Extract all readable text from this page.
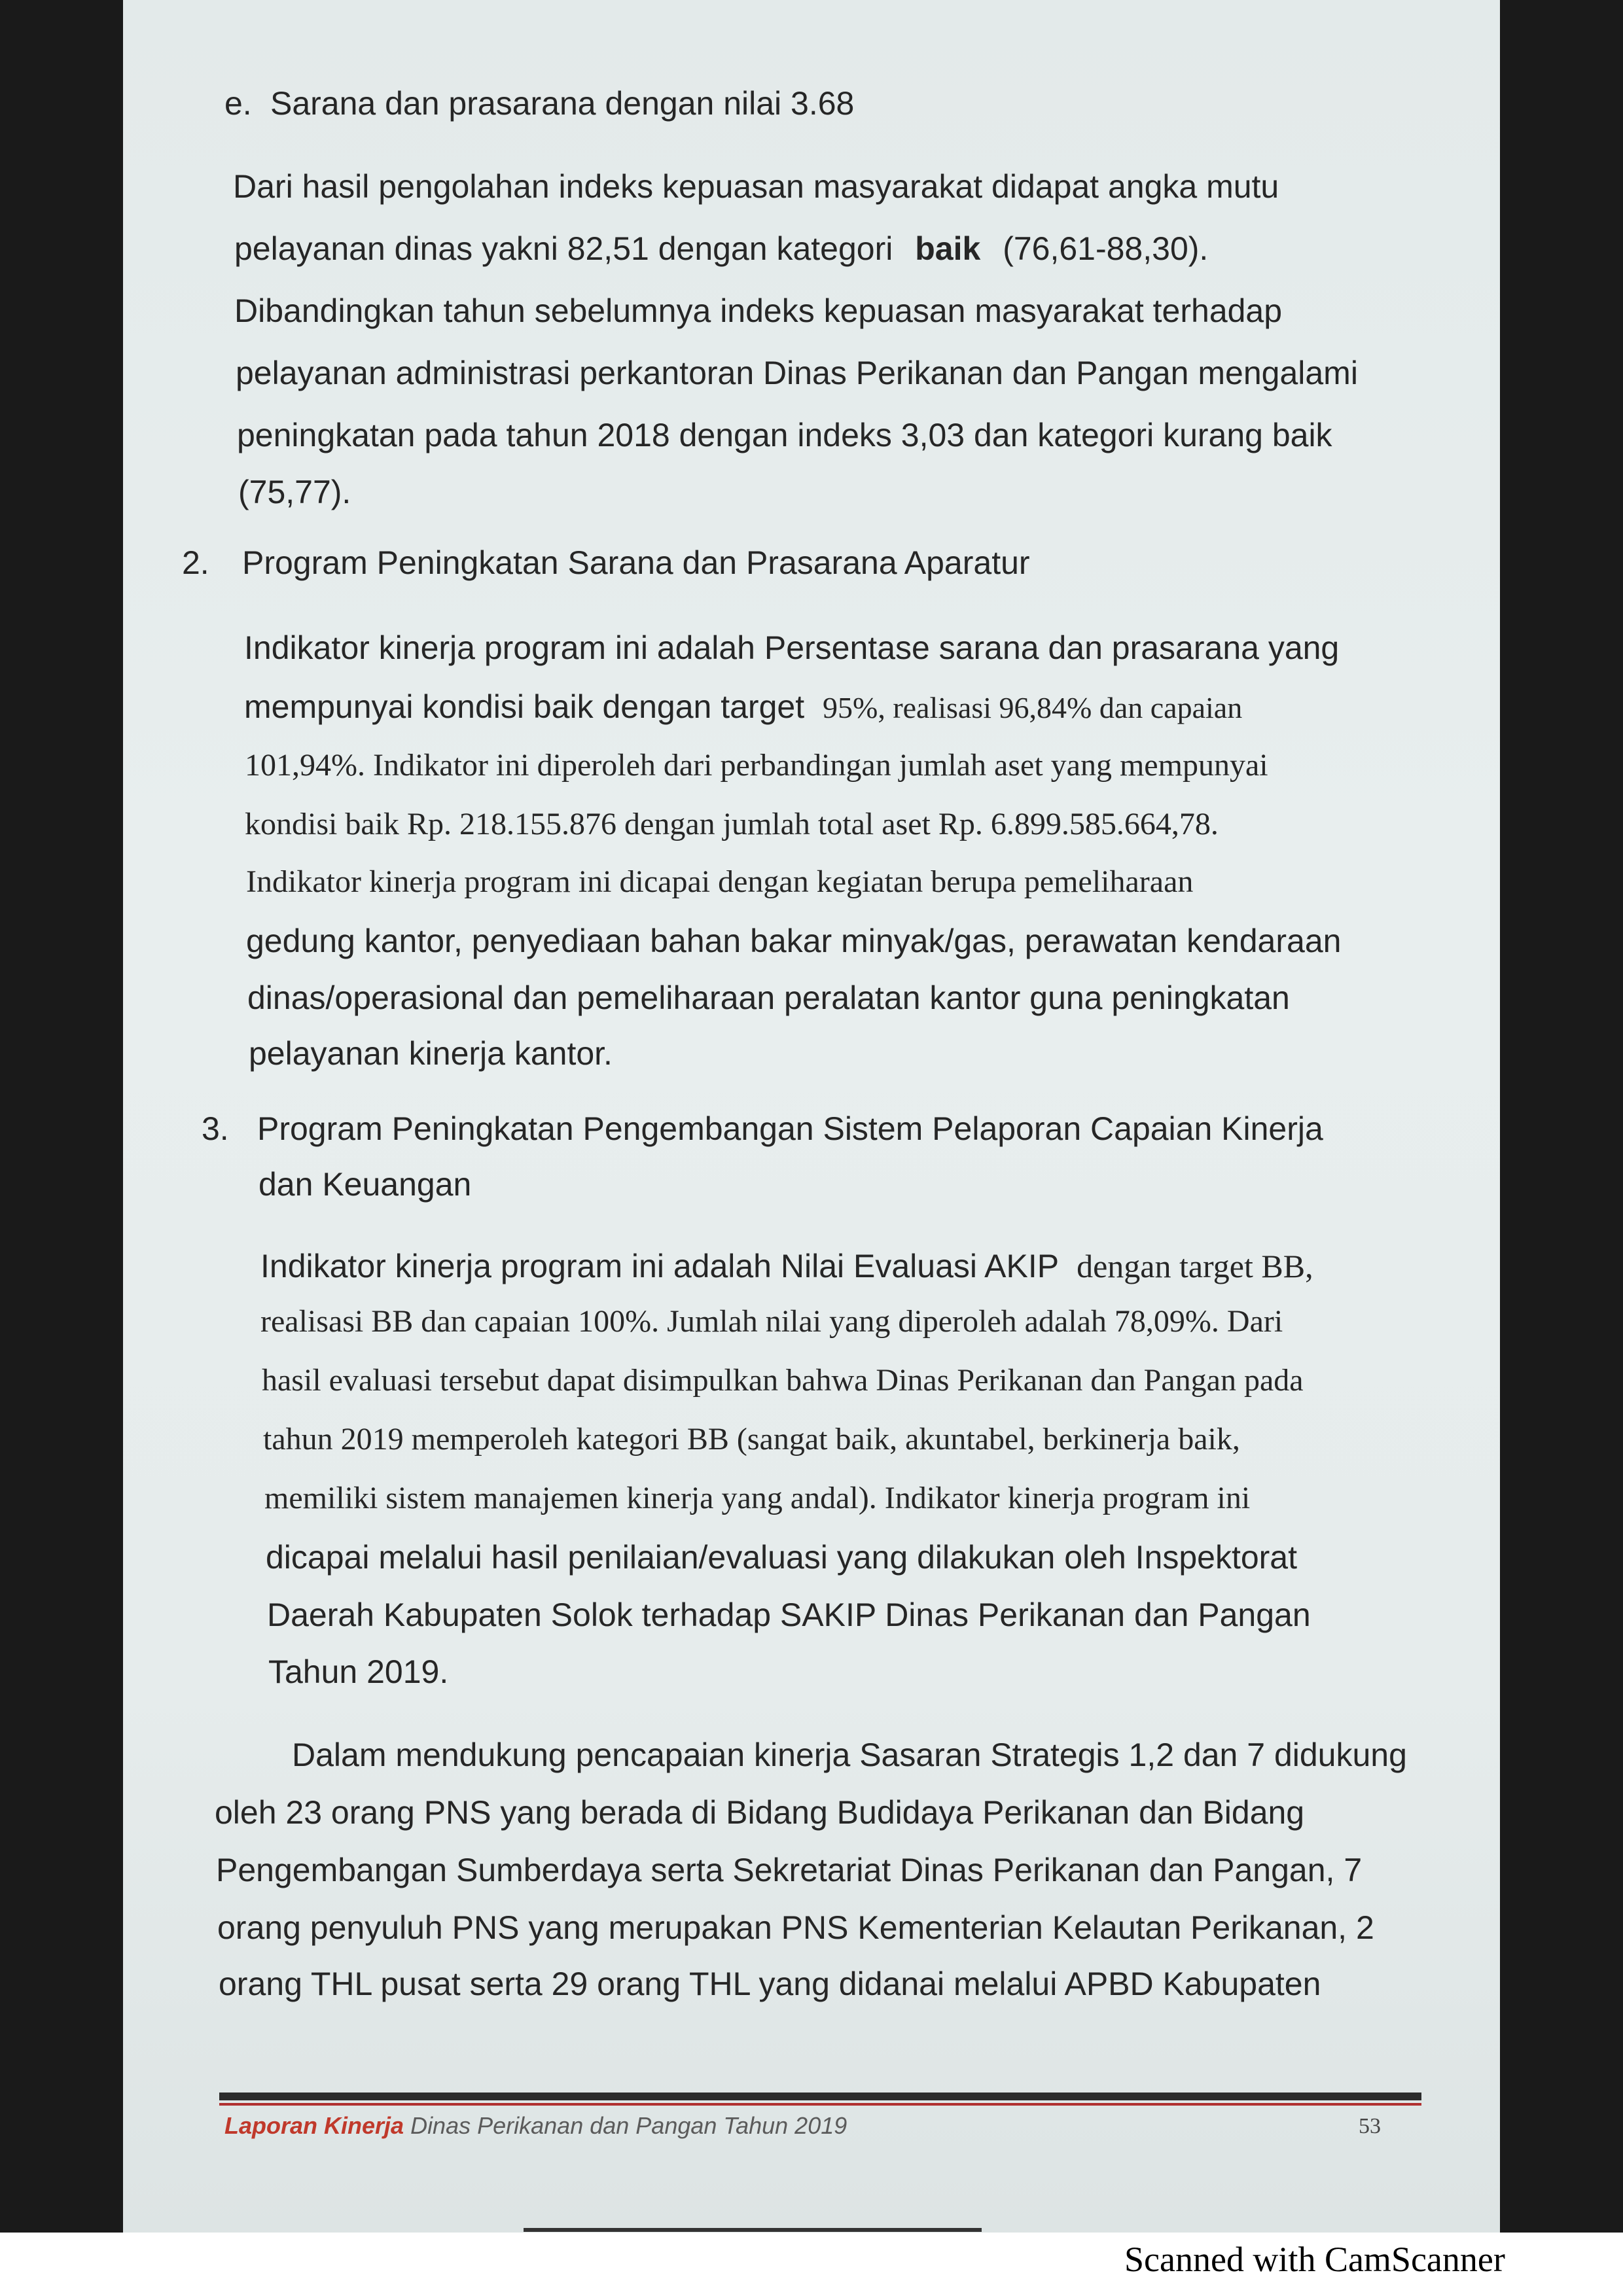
e. Sarana dan prasarana dengan nilai 3.68
Dari hasil pengolahan indeks kepuasan masyarakat didapat angka mutu
pelayanan dinas yakni 82,51 dengan kategori baik (76,61-88,30).
Dibandingkan tahun sebelumnya indeks kepuasan masyarakat terhadap
pelayanan administrasi perkantoran Dinas Perikanan dan Pangan mengalami
peningkatan pada tahun 2018 dengan indeks 3,03 dan kategori kurang baik
(75,77).
2. Program Peningkatan Sarana dan Prasarana Aparatur
Indikator kinerja program ini adalah Persentase sarana dan prasarana yang
mempunyai kondisi baik dengan target 95%, realisasi 96,84% dan capaian
101,94%. Indikator ini diperoleh dari perbandingan jumlah aset yang mempunyai
kondisi baik Rp. 218.155.876 dengan jumlah total aset Rp. 6.899.585.664,78.
Indikator kinerja program ini dicapai dengan kegiatan berupa pemeliharaan
gedung kantor, penyediaan bahan bakar minyak/gas, perawatan kendaraan
dinas/operasional dan pemeliharaan peralatan kantor guna peningkatan
pelayanan kinerja kantor.
3. Program Peningkatan Pengembangan Sistem Pelaporan Capaian Kinerja
dan Keuangan
Indikator kinerja program ini adalah Nilai Evaluasi AKIP dengan target BB,
realisasi BB dan capaian 100%. Jumlah nilai yang diperoleh adalah 78,09%. Dari
hasil evaluasi tersebut dapat disimpulkan bahwa Dinas Perikanan dan Pangan pada
tahun 2019 memperoleh kategori BB (sangat baik, akuntabel, berkinerja baik,
memiliki sistem manajemen kinerja yang andal). Indikator kinerja program ini
dicapai melalui hasil penilaian/evaluasi yang dilakukan oleh Inspektorat
Daerah Kabupaten Solok terhadap SAKIP Dinas Perikanan dan Pangan
Tahun 2019.
Dalam mendukung pencapaian kinerja Sasaran Strategis 1,2 dan 7 didukung
oleh 23 orang PNS yang berada di Bidang Budidaya Perikanan dan Bidang
Pengembangan Sumberdaya serta Sekretariat Dinas Perikanan dan Pangan, 7
orang penyuluh PNS yang merupakan PNS Kementerian Kelautan Perikanan, 2
orang THL pusat serta 29 orang THL yang didanai melalui APBD Kabupaten
Laporan Kinerja Dinas Perikanan dan Pangan Tahun 2019	53
Scanned with CamScanner
